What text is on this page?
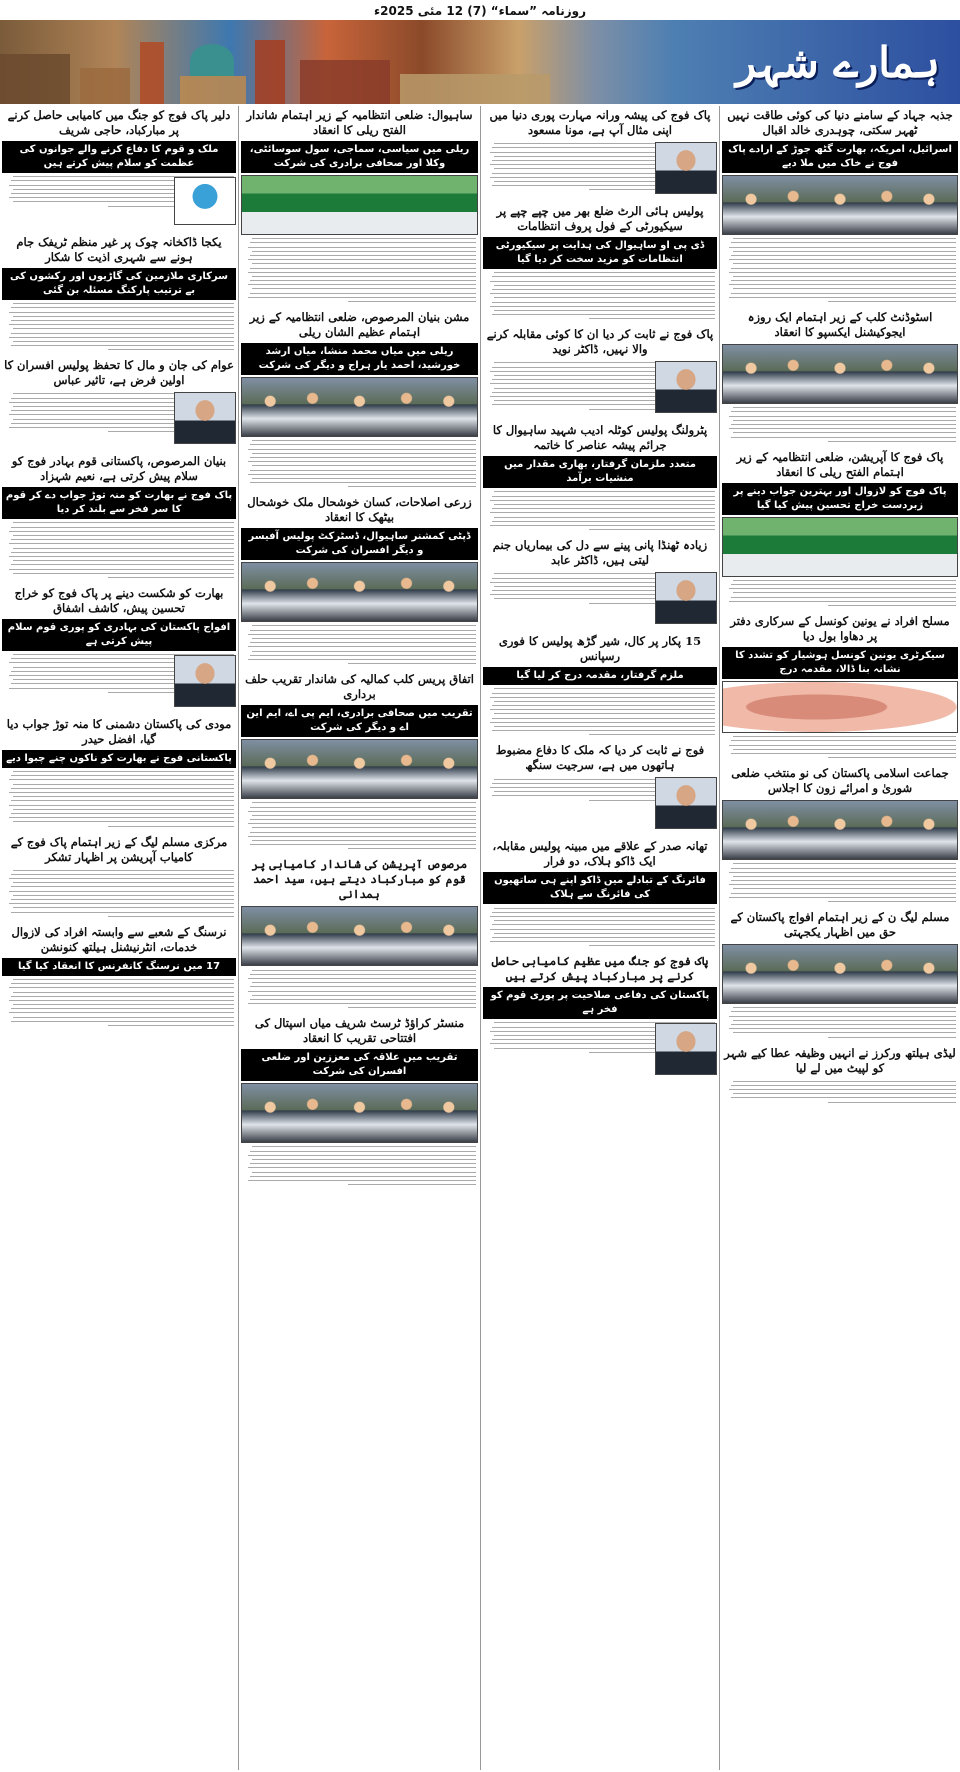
روزنامہ ”سماء“ (7) 12 مئی 2025ء
ہمارے شہر
جذبہ جہاد کے سامنے دنیا کی کوئی طاقت نہیں ٹھہر سکتی، چوہدری خالد اقبال
اسرائیل، امریکہ، بھارت گٹھ جوڑ کے ارادے پاک فوج نے خاک میں ملا دیے
اسٹوڈنٹ کلب کے زیر اہتمام ایک روزہ ایجوکیشنل ایکسپو کا انعقاد
پاک فوج کا آپریشن، ضلعی انتظامیہ کے زیر اہتمام الفتح ریلی کا انعقاد
پاک فوج کو لازوال اور بہترین جواب دینے پر زبردست خراج تحسین پیش کیا گیا
مسلح افراد نے یونین کونسل کے سرکاری دفتر پر دھاوا بول دیا
سیکرٹری یونین کونسل ہوشیار کو تشدد کا نشانہ بنا ڈالا، مقدمہ درج
جماعت اسلامی پاکستان کی نو منتخب ضلعی شوریٰ و امرائے زون کا اجلاس
مسلم لیگ ن کے زیر اہتمام افواج پاکستان کے حق میں اظہار یکجہتی
لیڈی ہیلتھ ورکرز نے انہیں وظیفہ عطا کیے شہر کو لپیٹ میں لے لیا
پاک فوج کی پیشہ ورانہ مہارت پوری دنیا میں اپنی مثال آپ ہے، مونا مسعود
پولیس ہائی الرٹ ضلع بھر میں چپے چپے پر سیکیورٹی کے فول پروف انتظامات
ڈی پی او ساہیوال کی ہدایت پر سیکیورٹی انتظامات کو مزید سخت کر دیا گیا
پاک فوج نے ثابت کر دیا ان کا کوئی مقابلہ کرنے والا نہیں، ڈاکٹر نوید
پٹرولنگ پولیس کوٹلہ ادیب شہید ساہیوال کا جرائم پیشہ عناصر کا خاتمہ
متعدد ملزمان گرفتار، بھاری مقدار میں منشیات برآمد
زیادہ ٹھنڈا پانی پینے سے دل کی بیماریاں جنم لیتی ہیں، ڈاکٹر عابد
15 پکار پر کال، شیر گڑھ پولیس کا فوری رسپانس
ملزم گرفتار، مقدمہ درج کر لیا گیا
فوج نے ثابت کر دیا کہ ملک کا دفاع مضبوط ہاتھوں میں ہے، سرجیت سنگھ
تھانہ صدر کے علاقے میں مبینہ پولیس مقابلہ، ایک ڈاکو ہلاک، دو فرار
فائرنگ کے تبادلے میں ڈاکو اپنے ہی ساتھیوں کی فائرنگ سے ہلاک
پاک فوج کو جنگ میں عظیم کامیابی حاصل کرنے پر مبارکباد پیش کرتے ہیں
پاکستان کی دفاعی صلاحیت پر پوری قوم کو فخر ہے
ساہیوال: ضلعی انتظامیہ کے زیر اہتمام شاندار الفتح ریلی کا انعقاد
ریلی میں سیاسی، سماجی، سول سوسائٹی، وکلا اور صحافی برادری کی شرکت
مشن بنیان المرصوص، ضلعی انتظامیہ کے زیر اہتمام عظیم الشان ریلی
ریلی میں میاں محمد منشا، میاں ارشد خورشید، احمد یار ہراج و دیگر کی شرکت
زرعی اصلاحات، کسان خوشحال ملک خوشحال بیٹھک کا انعقاد
ڈپٹی کمشنر ساہیوال، ڈسٹرکٹ پولیس آفیسر و دیگر افسران کی شرکت
اتفاق پریس کلب کمالیہ کی شاندار تقریب حلف برداری
تقریب میں صحافی برادری، ایم پی اے، ایم این اے و دیگر کی شرکت
مرصوص آپریشن کی شاندار کامیابی پر قوم کو مبارکباد دیتے ہیں، سید احمد ہمدانی
منسٹر کراؤڈ ٹرسٹ شریف میاں اسپتال کی افتتاحی تقریب کا انعقاد
تقریب میں علاقہ کی معززین اور ضلعی افسران کی شرکت
دلیر پاک فوج کو جنگ میں کامیابی حاصل کرنے پر مبارکباد، حاجی شریف
ملک و قوم کا دفاع کرنے والے جوانوں کی عظمت کو سلام پیش کرتے ہیں
یکجا ڈاکخانہ چوک پر غیر منظم ٹریفک جام ہونے سے شہری اذیت کا شکار
سرکاری ملازمین کی گاڑیوں اور رکشوں کی بے ترتیب پارکنگ مسئلہ بن گئی
عوام کی جان و مال کا تحفظ پولیس افسران کا اولین فرض ہے، تاثیر عباس
بنیان المرصوص، پاکستانی قوم بہادر فوج کو سلام پیش کرتی ہے، نعیم شہزاد
پاک فوج نے بھارت کو منہ توڑ جواب دے کر قوم کا سر فخر سے بلند کر دیا
بھارت کو شکست دینے پر پاک فوج کو خراج تحسین پیش، کاشف اشفاق
افواج پاکستان کی بہادری کو پوری قوم سلام پیش کرتی ہے
مودی کی پاکستان دشمنی کا منہ توڑ جواب دیا گیا، افضل حیدر
پاکستانی فوج نے بھارت کو ناکوں چنے چبوا دیے
مرکزی مسلم لیگ کے زیر اہتمام پاک فوج کے کامیاب آپریشن پر اظہار تشکر
نرسنگ کے شعبے سے وابستہ افراد کی لازوال خدمات، انٹرنیشنل ہیلتھ کنونشن
17 میں نرسنگ کانفرنس کا انعقاد کیا گیا
